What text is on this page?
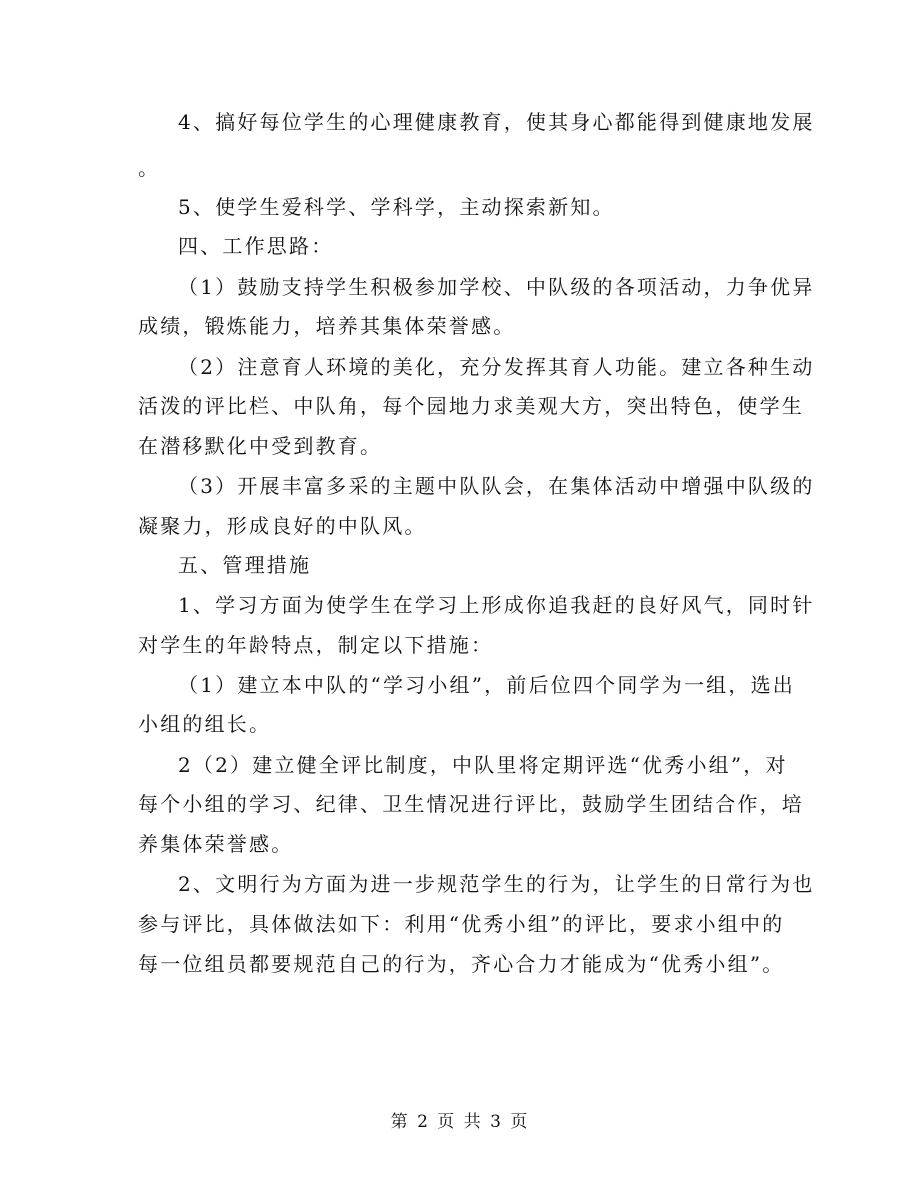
4、搞好每位学生的心理健康教育，使其身心都能得到健康地发展
。
5、使学生爱科学、学科学，主动探索新知。
四、工作思路：
（1）鼓励支持学生积极参加学校、中队级的各项活动，力争优异
成绩，锻炼能力，培养其集体荣誉感。
（2）注意育人环境的美化，充分发挥其育人功能。建立各种生动
活泼的评比栏、中队角，每个园地力求美观大方，突出特色，使学生
在潜移默化中受到教育。
（3）开展丰富多采的主题中队队会，在集体活动中增强中队级的
凝聚力，形成良好的中队风。
五、管理措施
1、学习方面为使学生在学习上形成你追我赶的良好风气，同时针
对学生的年龄特点，制定以下措施：
（1）建立本中队的“学习小组”，前后位四个同学为一组，选出
小组的组长。
2（2）建立健全评比制度，中队里将定期评选“优秀小组”，对
每个小组的学习、纪律、卫生情况进行评比，鼓励学生团结合作，培
养集体荣誉感。
2、文明行为方面为进一步规范学生的行为，让学生的日常行为也
参与评比，具体做法如下：利用“优秀小组”的评比，要求小组中的
每一位组员都要规范自己的行为，齐心合力才能成为“优秀小组”。
第 2 页 共 3 页
